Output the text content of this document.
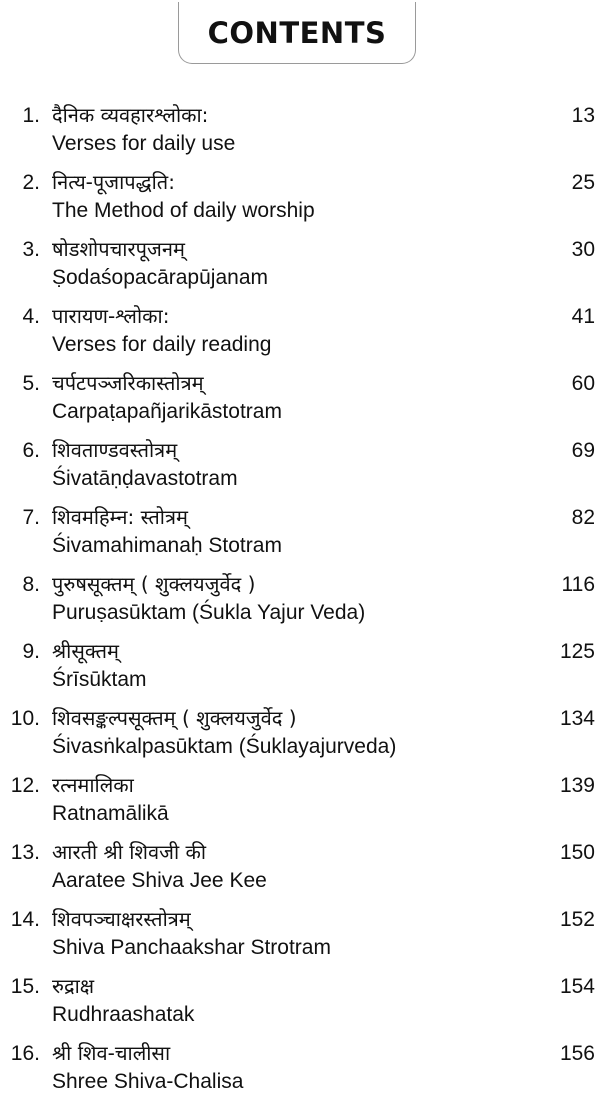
CONTENTS
1. दैनिक व्यवहारश्लोका:
Verses for daily use
13
2. नित्य-पूजापद्धति:
The Method of daily worship
25
3. षोडशोपचारपूजनम्
Ṣodaśopacārapūjanam
30
4. पारायण-श्लोका:
Verses for daily reading
41
5. चर्पटपञ्जरिकास्तोत्रम्
Carpaṭapañjarikāstotram
60
6. शिवताण्डवस्तोत्रम्
Śivatāṇḍavastotram
69
7. शिवमहिम्न: स्तोत्रम्
Śivamahimanaḥ Stotram
82
8. पुरुषसूक्तम् ( शुक्लयजुर्वेद )
Puruṣasūktam (Śukla Yajur Veda)
116
9. श्रीसूक्तम्
Śrīsūktam
125
10. शिवसङ्कल्पसूक्तम् ( शुक्लयजुर्वेद )
Śivasṅkalpasūktam (Śuklayajurveda)
134
12. रत्नमालिका
Ratnamālikā
139
13. आरती श्री शिवजी की
Aaratee Shiva Jee Kee
150
14. शिवपञ्चाक्षरस्तोत्रम्
Shiva Panchaakshar Strotram
152
15. रुद्राक्ष
Rudhraashatak
154
16. श्री शिव-चालीसा
Shree Shiva-Chalisa
156
